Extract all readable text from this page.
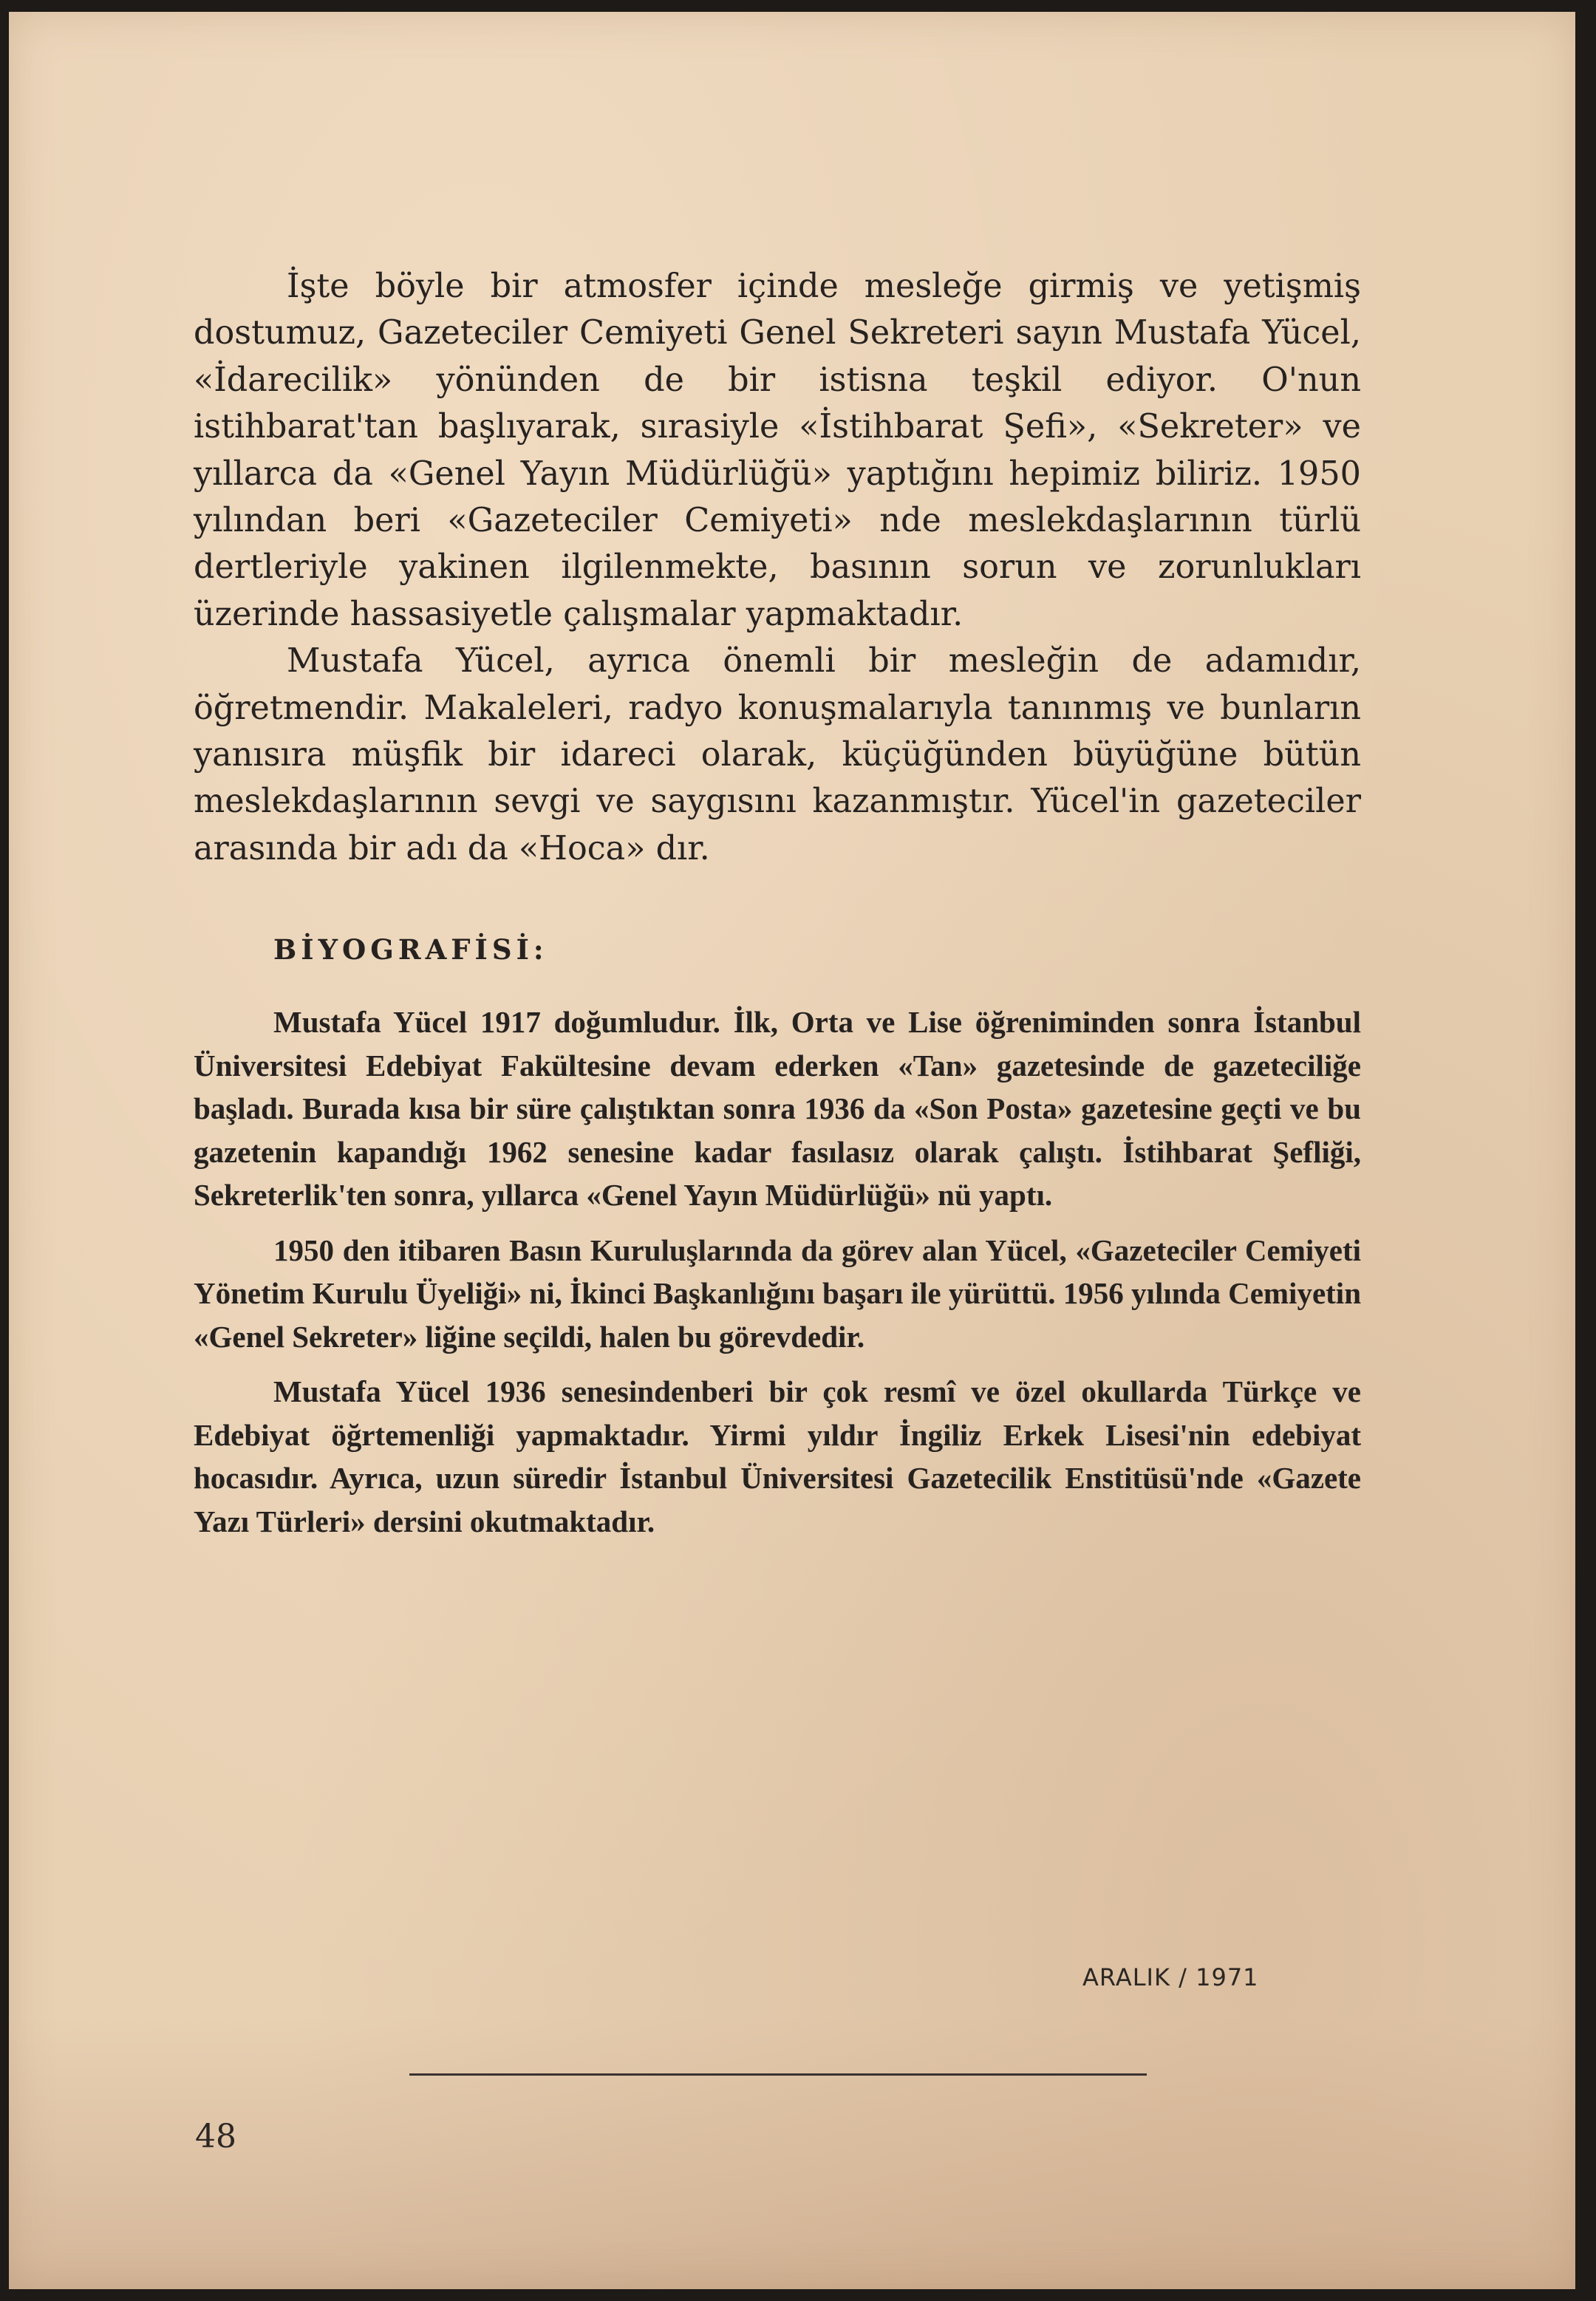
İşte böyle bir atmosfer içinde mesleğe girmiş ve yetişmiş dostumuz, Gazeteciler Cemiyeti Genel Sekreteri sayın Mustafa Yücel, «İdarecilik» yönünden de bir istisna teşkil ediyor. O'nun istihbarat'tan başlıyarak, sırasiyle «İstihbarat Şefi», «Sekreter» ve yıllarca da «Genel Yayın Müdürlüğü» yaptığını hepimiz biliriz. 1950 yılından beri «Gazeteciler Cemiyeti» nde meslekdaşlarının türlü dertleriyle yakinen ilgilenmekte, basının sorun ve zorunlukları üzerinde hassasiyetle çalışmalar yapmaktadır.

Mustafa Yücel, ayrıca önemli bir mesleğin de adamıdır, öğretmendir. Makaleleri, radyo konuşmalarıyla tanınmış ve bunların yanısıra müşfik bir idareci olarak, küçüğünden büyüğüne bütün meslekdaşlarının sevgi ve saygısını kazanmıştır. Yücel'in gazeteciler arasında bir adı da «Hoca» dır.

BİYOGRAFİSİ:

Mustafa Yücel 1917 doğumludur. İlk, Orta ve Lise öğreniminden sonra İstanbul Üniversitesi Edebiyat Fakültesine devam ederken «Tan» gazetesinde de gazeteciliğe başladı. Burada kısa bir süre çalıştıktan sonra 1936 da «Son Posta» gazetesine geçti ve bu gazetenin kapandığı 1962 senesine kadar fasılasız olarak çalıştı. İstihbarat Şefliği, Sekreterlik'ten sonra, yıllarca «Genel Yayın Müdürlüğü» nü yaptı.

1950 den itibaren Basın Kuruluşlarında da görev alan Yücel, «Gazeteciler Cemiyeti Yönetim Kurulu Üyeliği» ni, İkinci Başkanlığını başarı ile yürüttü. 1956 yılında Cemiyetin «Genel Sekreter» liğine seçildi, halen bu görevdedir.

Mustafa Yücel 1936 senesindenberi bir çok resmî ve özel okullarda Türkçe ve Edebiyat öğrtemenliği yapmaktadır. Yirmi yıldır İngiliz Erkek Lisesi'nin edebiyat hocasıdır. Ayrıca, uzun süredir İstanbul Üniversitesi Gazetecilik Enstitüsü'nde «Gazete Yazı Türleri» dersini okutmaktadır.

ARALIK / 1971
48
